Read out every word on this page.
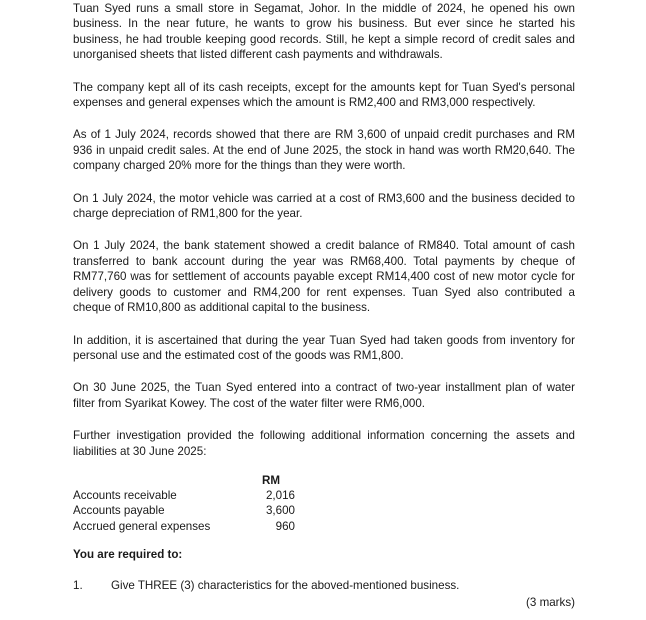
Tuan Syed runs a small store in Segamat, Johor. In the middle of 2024, he opened his own business. In the near future, he wants to grow his business. But ever since he started his business, he had trouble keeping good records. Still, he kept a simple record of credit sales and unorganised sheets that listed different cash payments and withdrawals.

The company kept all of its cash receipts, except for the amounts kept for Tuan Syed's personal expenses and general expenses which the amount is RM2,400 and RM3,000 respectively.

As of 1 July 2024, records showed that there are RM 3,600 of unpaid credit purchases and RM 936 in unpaid credit sales. At the end of June 2025, the stock in hand was worth RM20,640. The company charged 20% more for the things than they were worth.

On 1 July 2024, the motor vehicle was carried at a cost of RM3,600 and the business decided to charge depreciation of RM1,800 for the year.

On 1 July 2024, the bank statement showed a credit balance of RM840. Total amount of cash transferred to bank account during the year was RM68,400. Total payments by cheque of RM77,760 was for settlement of accounts payable except RM14,400 cost of new motor cycle for delivery goods to customer and RM4,200 for rent expenses. Tuan Syed also contributed a cheque of RM10,800 as additional capital to the business.

In addition, it is ascertained that during the year Tuan Syed had taken goods from inventory for personal use and the estimated cost of the goods was RM1,800.

On 30 June 2025, the Tuan Syed entered into a contract of two-year installment plan of water filter from Syarikat Kowey. The cost of the water filter were RM6,000.

Further investigation provided the following additional information concerning the assets and liabilities at 30 June 2025:

RM
Accounts receivable	2,016
Accounts payable	3,600
Accrued general expenses	960
You are required to:
1. Give THREE (3) characteristics for the aboved-mentioned business.
(3 marks)
